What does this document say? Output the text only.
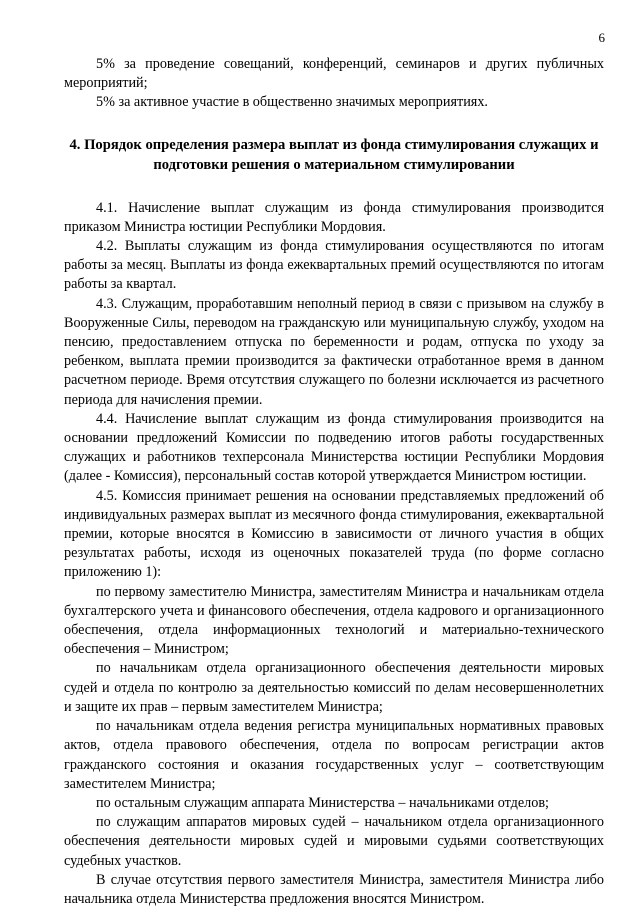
6

5% за проведение совещаний, конференций, семинаров и других публичных мероприятий;

5% за активное участие в общественно значимых мероприятиях.

4. Порядок определения размера выплат из фонда стимулирования служащих и подготовки решения о материальном стимулировании

4.1. Начисление выплат служащим из фонда стимулирования производится приказом Министра юстиции Республики Мордовия.

4.2. Выплаты служащим из фонда стимулирования осуществляются по итогам работы за месяц. Выплаты из фонда ежеквартальных премий осуществляются по итогам работы за квартал.

4.3. Служащим, проработавшим неполный период в связи с призывом на службу в Вооруженные Силы, переводом на гражданскую или муниципальную службу, уходом на пенсию, предоставлением отпуска по беременности и родам, отпуска по уходу за ребенком, выплата премии производится за фактически отработанное время в данном расчетном периоде. Время отсутствия служащего по болезни исключается из расчетного периода для начисления премии.

4.4. Начисление выплат служащим из фонда стимулирования производится на основании предложений Комиссии по подведению итогов работы государственных служащих и работников техперсонала Министерства юстиции Республики Мордовия (далее - Комиссия), персональный состав которой утверждается Министром юстиции.

4.5. Комиссия принимает решения на основании представляемых предложений об индивидуальных размерах выплат из месячного фонда стимулирования, ежеквартальной премии, которые вносятся в Комиссию в зависимости от личного участия в общих результатах работы, исходя из оценочных показателей труда (по форме согласно приложению 1):

по первому заместителю Министра, заместителям Министра и начальникам отдела бухгалтерского учета и финансового обеспечения, отдела кадрового и организационного обеспечения, отдела информационных технологий и материально-технического обеспечения – Министром;

по начальникам отдела организационного обеспечения деятельности мировых судей и отдела по контролю за деятельностью комиссий по делам несовершеннолетних и защите их прав – первым заместителем Министра;

по начальникам отдела ведения регистра муниципальных нормативных правовых актов, отдела правового обеспечения, отдела по вопросам регистрации актов гражданского состояния и оказания государственных услуг – соответствующим заместителем Министра;

по остальным служащим аппарата Министерства – начальниками отделов;

по служащим аппаратов мировых судей – начальником отдела организационного обеспечения деятельности мировых судей и мировыми судьями соответствующих судебных участков.

В случае отсутствия первого заместителя Министра, заместителя Министра либо начальника отдела Министерства предложения вносятся Министром.
